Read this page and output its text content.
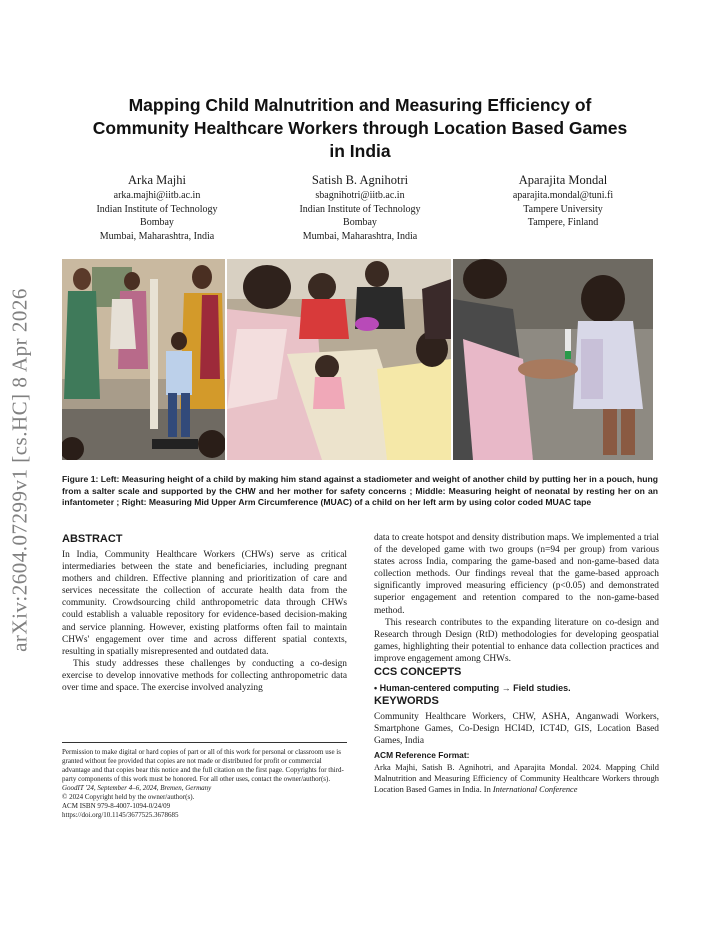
arXiv:2604.07299v1 [cs.HC] 8 Apr 2026
Mapping Child Malnutrition and Measuring Efficiency of
Community Healthcare Workers through Location Based Games
in India
Arka Majhi
arka.majhi@iitb.ac.in
Indian Institute of Technology
Bombay
Mumbai, Maharashtra, India
Satish B. Agnihotri
sbagnihotri@iitb.ac.in
Indian Institute of Technology
Bombay
Mumbai, Maharashtra, India
Aparajita Mondal
aparajita.mondal@tuni.fi
Tampere University
Tampere, Finland

Figure 1: Left: Measuring height of a child by making him stand against a stadiometer and weight of another child by putting her in a pouch, hung from a salter scale and supported by the CHW and her mother for safety concerns ; Middle: Measuring height of neonatal by resting her on an infantometer ; Right: Measuring Mid Upper Arm Circumference (MUAC) of a child on her left arm by using color coded MUAC tape

ABSTRACT

In India, Community Healthcare Workers (CHWs) serve as critical intermediaries between the state and beneficiaries, including pregnant mothers and children. Effective planning and prioritization of care and services necessitate the collection of accurate health data from the community. Crowdsourcing child anthropometric data through CHWs could establish a valuable repository for evidence-based decision-making and service planning. However, existing platforms often fail to maintain CHWs' engagement over time and across different spatial contexts, resulting in spatially misrepresented and outdated data.

This study addresses these challenges by conducting a co-design exercise to develop innovative methods for collecting anthropometric data over time and space. The exercise involved analyzing

data to create hotspot and density distribution maps. We implemented a trial of the developed game with two groups (n=94 per group) from various states across India, comparing the game-based and non-game-based data collection methods. Our findings reveal that the game-based approach significantly improved measuring efficiency (p<0.05) and demonstrated superior engagement and retention compared to the non-game-based method.

This research contributes to the expanding literature on co-design and Research through Design (RtD) methodologies for developing geospatial games, highlighting their potential to enhance data collection practices and improve engagement among CHWs.

CCS CONCEPTS

• Human-centered computing → Field studies.

KEYWORDS

Community Healthcare Workers, CHW, ASHA, Anganwadi Workers, Smartphone Games, Co-Design HCI4D, ICT4D, GIS, Location Based Games, India

ACM Reference Format:

Arka Majhi, Satish B. Agnihotri, and Aparajita Mondal. 2024. Mapping Child Malnutrition and Measuring Efficiency of Community Healthcare Workers through Location Based Games in India. In International Conference

Permission to make digital or hard copies of part or all of this work for personal or classroom use is granted without fee provided that copies are not made or distributed for profit or commercial advantage and that copies bear this notice and the full citation on the first page. Copyrights for third-party components of this work must be honored. For all other uses, contact the owner/author(s).

GoodIT '24, September 4–6, 2024, Bremen, Germany

© 2024 Copyright held by the owner/author(s).

ACM ISBN 979-8-4007-1094-0/24/09

https://doi.org/10.1145/3677525.3678685
